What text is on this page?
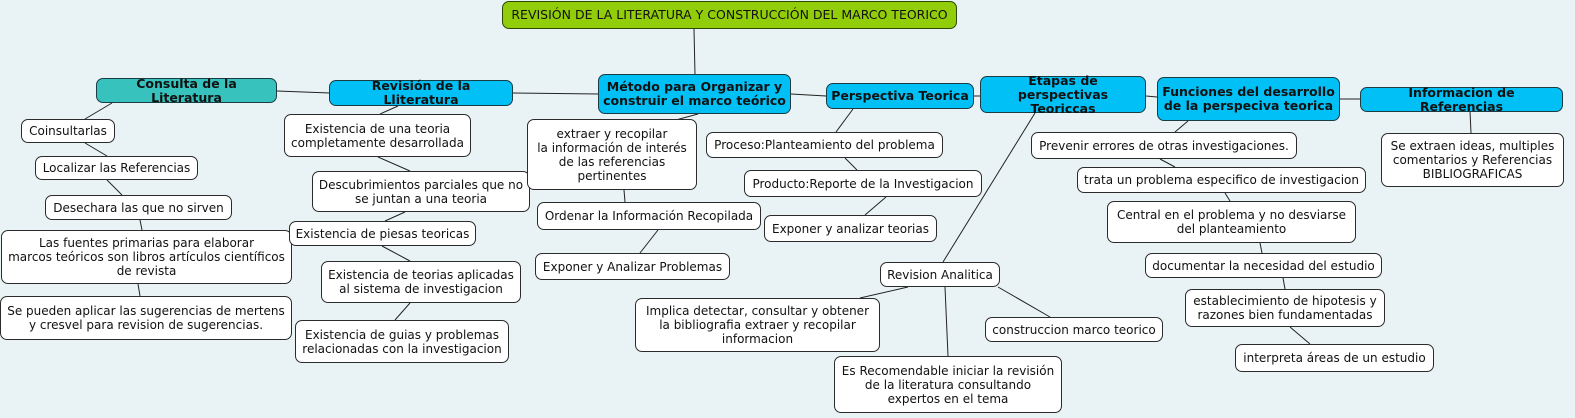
REVISIÓN DE LA LITERATURA Y CONSTRUCCIÓN DEL MARCO TEORICO
Consulta de la Literatura
Revisión de la Lliteratura
Método para Organizar y
construir el marco teórico	Perspectiva Teorica
Etapas de perspectivas
Teoriccas
Funciones del desarrollo
de la perspeciva teorica
Informacion de Referencias
Coinsultarlas
Localizar las Referencias
Desechara las que no sirven
Las fuentes primarias para elaborar
marcos teóricos son libros artículos científicos
de revista
Se pueden aplicar las sugerencias de mertens
y cresvel para revision de sugerencias.
Existencia de una teoria
completamente desarrollada
Descubrimientos parciales que no
se juntan a una teoria
Existencia de piesas teoricas
Existencia de teorias aplicadas
al sistema de investigacion
Existencia de guias y problemas
relacionadas con la investigacion
extraer y recopilar
la información de interés
de las referencias
pertinentes
Ordenar la Información Recopilada
Exponer y Analizar Problemas
Proceso:Planteamiento del problema
Producto:Reporte de la Investigacion
Exponer y analizar teorias
Revision Analitica
Implica detectar, consultar y obtener
la bibliografia extraer y recopilar
informacion
Es Recomendable iniciar la revisión
de la literatura consultando
expertos en el tema
construccion marco teorico
Prevenir errores de otras investigaciones.
trata un problema especifico de investigacion
Central en el problema y no desviarse
del planteamiento
documentar la necesidad del estudio
establecimiento de hipotesis y
razones bien fundamentadas
interpreta áreas de un estudio
Se extraen ideas, multiples
comentarios y Referencias
BIBLIOGRAFICAS
